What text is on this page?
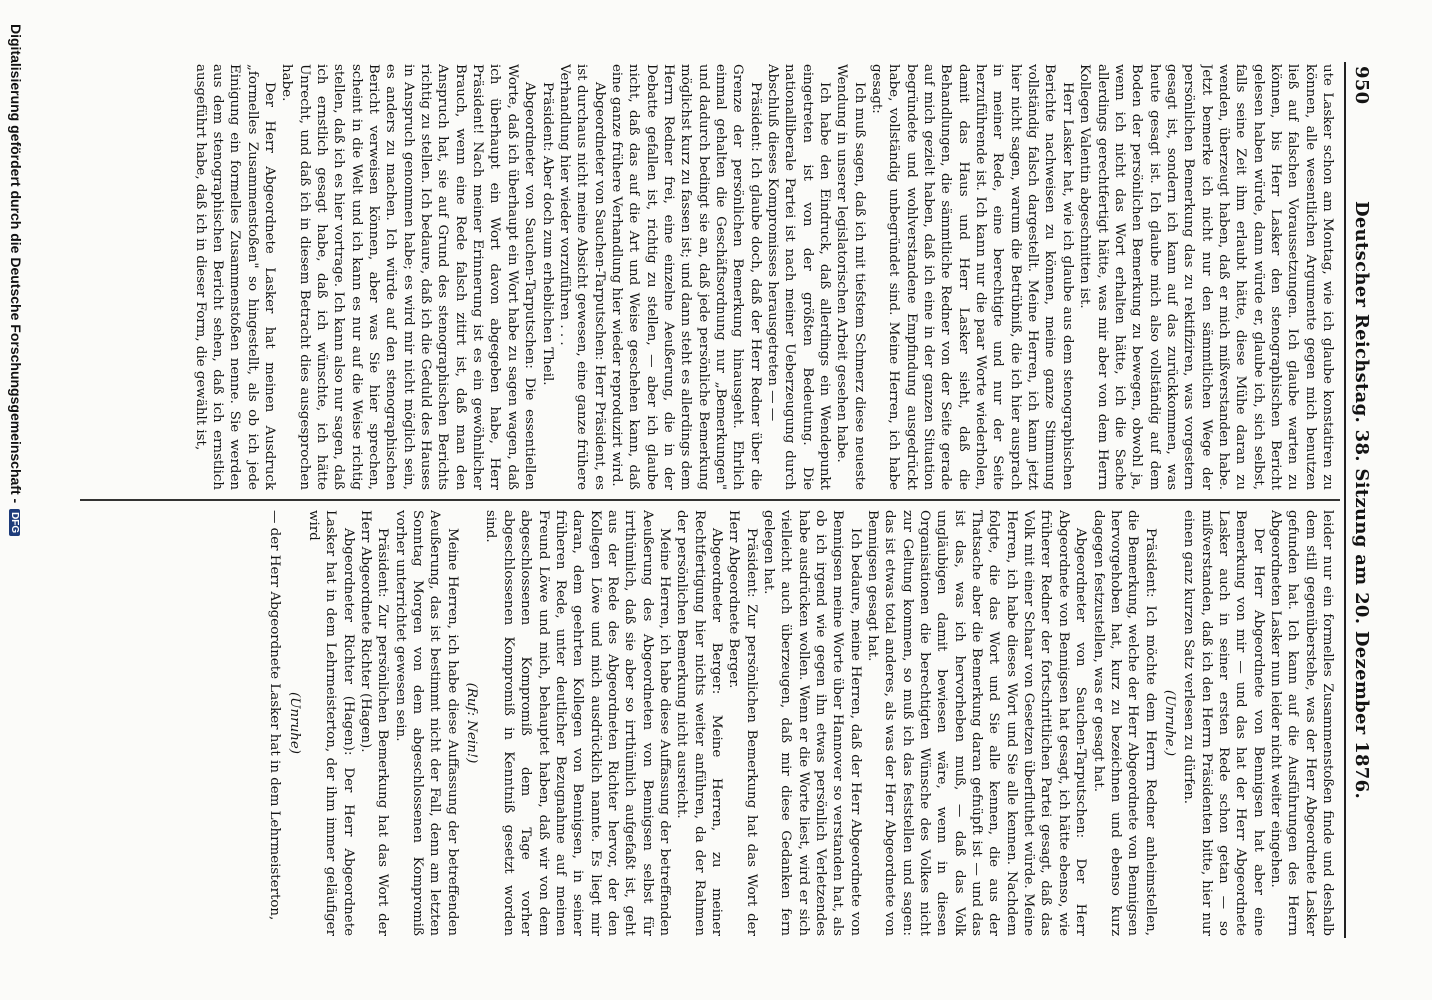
950
Deutscher Reichstag. 38. Sitzung am 20. Dezember 1876.

ute Lasker schon am Montag, wie ich glaube konstatiren zu können, alle wesentlichen Argumente gegen mich benutzen ließ auf falschen Voraussetzungen. Ich glaube warten zu können, bis Herr Lasker den stenographischen Bericht gelesen haben würde, dann würde er, glaube ich, sich selbst, falls seine Zeit ihm erlaubt hätte, diese Mühe daran zu wenden, überzeugt haben, daß er mich mißverstanden habe. Jetzt bemerke ich nicht nur den sämmtlichen Wege der persönlichen Bemerkung das zu rektifiziren, was vorgestern gesagt ist, sondern ich kann auf das zurückkommen, was heute gesagt ist. Ich glaube mich also vollständig auf dem Boden der persönlichen Bemerkung zu bewegen, obwohl ja, wenn ich nicht das Wort erhalten hätte, ich die Sache allerdings gerechtfertigt hätte, was mir aber von dem Herrn Kollegen Valentin abgeschnitten ist.

Herr Lasker hat, wie ich glaube aus dem stenographischen Berichte nachweisen zu können, meine ganze Stimmung vollständig falsch dargestellt. Meine Herren, ich kann jetzt hier nicht sagen, warum die Betrübniß, die ich hier ausprach in meiner Rede, eine berechtigte und nur der Seite herzuführende ist. Ich kann nur die paar Worte wiederholen, damit das Haus und Herr Lasker sieht, daß die Behandlungen, die sämmtliche Redner von der Seite gerade auf mich gezielt haben, daß ich eine in der ganzen Situation begründete und wohlverstandene Empfindung ausgedrückt habe, vollständig unbegründet sind. Meine Herren, ich habe gesagt:

Ich muß sagen, daß ich mit tiefstem Schmerz diese neueste Wendung in unserer legislatorischen Arbeit gesehen habe.

Ich habe den Eindruck, daß allerdings ein Wendepunkt eingetreten ist von der größten Bedeutung. Die nationalliberale Partei ist nach meiner Ueberzeugung durch Abschluß dieses Kompromisses herausgetreten — —

Präsident: Ich glaube doch, daß der Herr Redner über die Grenze der persönlichen Bemerkung hinausgeht. Ehrlich einmal gehalten die Geschäftsordnung nur „Bemerkungen" und dadurch bedingt sie an, daß jede persönliche Bemerkung möglichst kurz zu fassen ist; und dann steht es allerdings dem Herrn Redner frei, eine einzelne Aeußerung, die in der Debatte gefallen ist, richtig zu stellen, — aber ich glaube nicht, daß das auf die Art und Weise geschehen kann, daß eine ganze frühere Verhandlung hier wieder reproduzirt wird.

Abgeordneter von Sauchen-Tarputschen: Herr Präsident, es ist durchaus nicht meine Absicht gewesen, eine ganze frühere Verhandlung hier wieder vorzuführen . . .

Präsident: Aber doch zum erheblichen Theil.

Abgeordneter von Sauchen-Tarputschen: Die essentiellen Worte, daß ich überhaupt ein Wort habe zu sagen wagen, daß ich überhaupt ein Wort davon abgegeben habe, Herr Präsident! Nach meiner Erinnerung ist es ein gewöhnlicher Brauch, wenn eine Rede falsch zitirt ist, daß man den Anspruch hat, sie auf Grund des stenographischen Berichts richtig zu stellen. Ich bedaure, daß ich die Geduld des Hauses in Anspruch genommen habe; es wird mir nicht möglich sein, es anders zu machen. Ich würde auf den stenographischen Bericht verweisen können, aber was Sie hier sprechen, scheint in die Welt und ich kann es nur auf die Weise richtig stellen, daß ich es hier vortrage. Ich kann also nur sagen, daß ich ernstlich gesagt habe, daß ich wünschte, ich hätte Unrecht, und daß ich in diesem Betracht dies ausgesprochen habe.

Der Herr Abgeordnete Lasker hat meinen Ausdruck „formelles Zusammenstoßen" so hingestellt, als ob ich jede Einigung ein formelles Zusammenstoßen nenne. Sie werden aus dem stenographischen Bericht sehen, daß ich ernstlich ausgeführt habe, daß ich in dieser Form, die gewählt ist,

leider nur ein formelles Zusammenstoßen finde und deshalb dem still gegenüberstehe, was der Herr Abgeordnete Lasker gefunden hat. Ich kann auf die Ausführungen des Herrn Abgeordneten Lasker nun leider nicht weiter eingehen.

Der Herr Abgeordnete von Bennigsen hat aber eine Bemerkung von mir — und das hat der Herr Abgeordnete Lasker auch in seiner ersten Rede schon getan — so mißverstanden, daß ich den Herrn Präsidenten bitte, hier nur einen ganz kurzen Satz verlesen zu dürfen.

(Unruhe.)

Präsident: Ich möchte dem Herrn Redner anheimstellen, die Bemerkung, welche der Herr Abgeordnete von Bennigsen hervorgehoben hat, kurz zu bezeichnen und ebenso kurz dagegen festzustellen, was er gesagt hat.

Abgeordneter von Sauchen-Tarputschen: Der Herr Abgeordnete von Bennigsen hat gesagt, ich hätte ebenso, wie früherer Redner der fortschrittlichen Partei gesagt, daß das Volk mit einer Schaar von Gesetzen überfluthet würde. Meine Herren, ich habe dieses Wort und Sie alle kennen. Nachdem folgte, die das Wort und Sie alle kennen, die aus der Thatsache aber die Bemerkung daran gefnüpft ist — und das ist das, was ich hervorheben muß, — daß das Volk ungläubigen damit bewiesen wäre, wenn in diesen Organisationen die berechtigten Wünsche des Volkes nicht zur Geltung kommen, so muß ich das feststellen und sagen: das ist etwas total anderes, als was der Herr Abgeordnete von Bennigsen gesagt hat.

Ich bedaure, meine Herren, daß der Herr Abgeordnete von Bennigsen meine Worte über Hannover so verstanden hat, als ob ich irgend wie gegen ihn etwas persönlich Verletzendes habe ausdrücken wollen. Wenn er die Worte liest, wird er sich vielleicht auch überzeugen, daß mir diese Gedanken fern gelegen hat.

Präsident: Zur persönlichen Bemerkung hat das Wort der Herr Abgeordnete Berger.

Abgeordneter Berger: Meine Herren, zu meiner Rechtfertigung hier nichts weiter anführen, da der Rahmen der persönlichen Bemerkung nicht ausreicht.

Meine Herren, ich habe diese Auffassung der betreffenden Aeußerung des Abgeordneten von Bennigsen selbst für irrthümlich, daß sie aber so irrthümlich aufgefaßt ist, geht aus der Rede des Abgeordneten Richter hervor, der den Kollegen Löwe und mich ausdrücklich nannte. Es liegt mir daran, dem geehrten Kollegen von Bennigsen, in seiner früheren Rede, unter deutlicher Bezugnahme auf meinen Freund Löwe und mich, behauptet haben, daß wir von dem abgeschlossenen Kompromiß dem Tage vorher abgeschlossenen Kompromiß in Kenntniß gesetzt worden sind.

(Ruf: Nein!)

Meine Herren, ich habe diese Auffassung der betreffenden Aeußerung, das ist bestimmt nicht der Fall, denn am letzten Sonntag Morgen von dem abgeschlossenen Kompromiß vorher unterrichtet gewesen sein.

Präsident: Zur persönlichen Bemerkung hat das Wort der Herr Abgeordnete Richter (Hagen).

Abgeordneter Richter (Hagen): Der Herr Abgeordnete Lasker hat in dem Lehrmeisterton, der ihm immer geläufiger wird

(Unruhe)

— der Herr Abgeordnete Lasker hat in dem Lehrmeisterton,

Digitalisierung gefördert durch die Deutsche Forschungsgemeinschaft - DFG
